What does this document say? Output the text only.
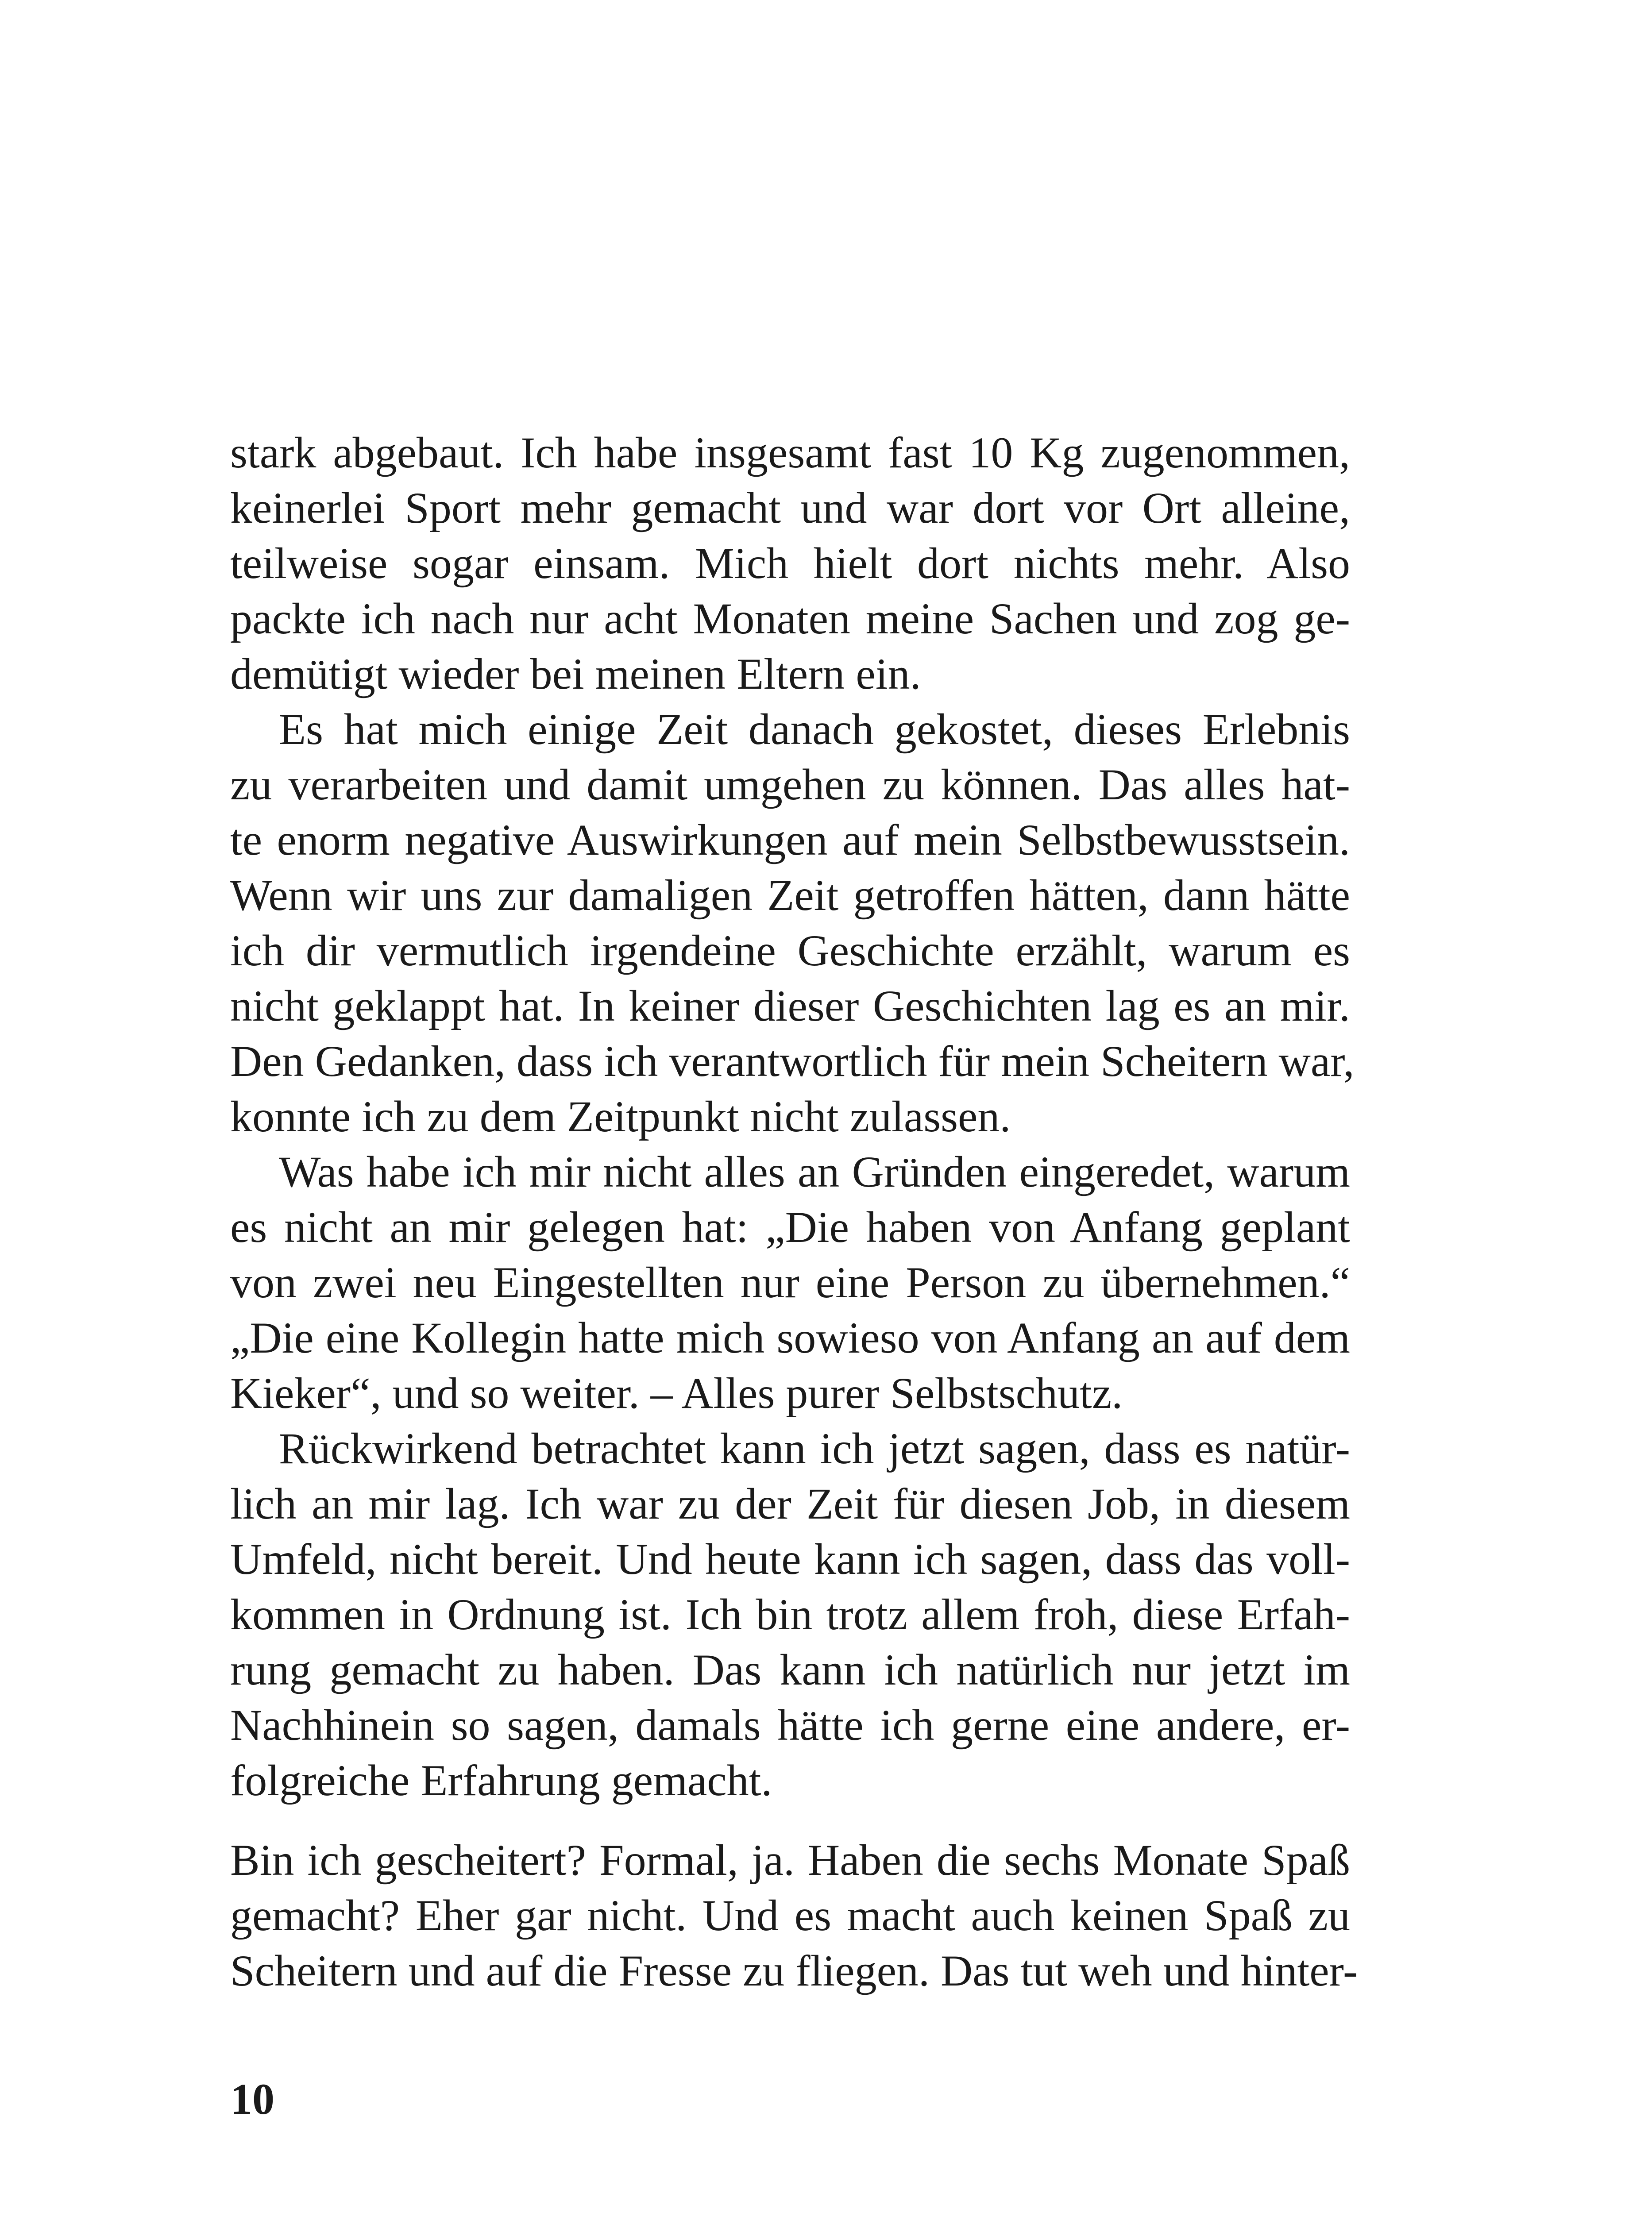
stark abgebaut. Ich habe insgesamt fast 10 Kg zugenommen,
keinerlei Sport mehr gemacht und war dort vor Ort alleine,
teilweise sogar einsam. Mich hielt dort nichts mehr. Also
packte ich nach nur acht Monaten meine Sachen und zog ge-
demütigt wieder bei meinen Eltern ein.
Es hat mich einige Zeit danach gekostet, dieses Erlebnis
zu verarbeiten und damit umgehen zu können. Das alles hat-
te enorm negative Auswirkungen auf mein Selbstbewusstsein.
Wenn wir uns zur damaligen Zeit getroffen hätten, dann hätte
ich dir vermutlich irgendeine Geschichte erzählt, warum es
nicht geklappt hat. In keiner dieser Geschichten lag es an mir.
Den Gedanken, dass ich verantwortlich für mein Scheitern war,
konnte ich zu dem Zeitpunkt nicht zulassen.
Was habe ich mir nicht alles an Gründen eingeredet, warum
es nicht an mir gelegen hat: „Die haben von Anfang geplant
von zwei neu Eingestellten nur eine Person zu übernehmen.“
„Die eine Kollegin hatte mich sowieso von Anfang an auf dem
Kieker“, und so weiter. – Alles purer Selbstschutz.
Rückwirkend betrachtet kann ich jetzt sagen, dass es natür-
lich an mir lag. Ich war zu der Zeit für diesen Job, in diesem
Umfeld, nicht bereit. Und heute kann ich sagen, dass das voll-
kommen in Ordnung ist. Ich bin trotz allem froh, diese Erfah-
rung gemacht zu haben. Das kann ich natürlich nur jetzt im
Nachhinein so sagen, damals hätte ich gerne eine andere, er-
folgreiche Erfahrung gemacht.
Bin ich gescheitert? Formal, ja. Haben die sechs Monate Spaß
gemacht? Eher gar nicht. Und es macht auch keinen Spaß zu
Scheitern und auf die Fresse zu fliegen. Das tut weh und hinter-
10
